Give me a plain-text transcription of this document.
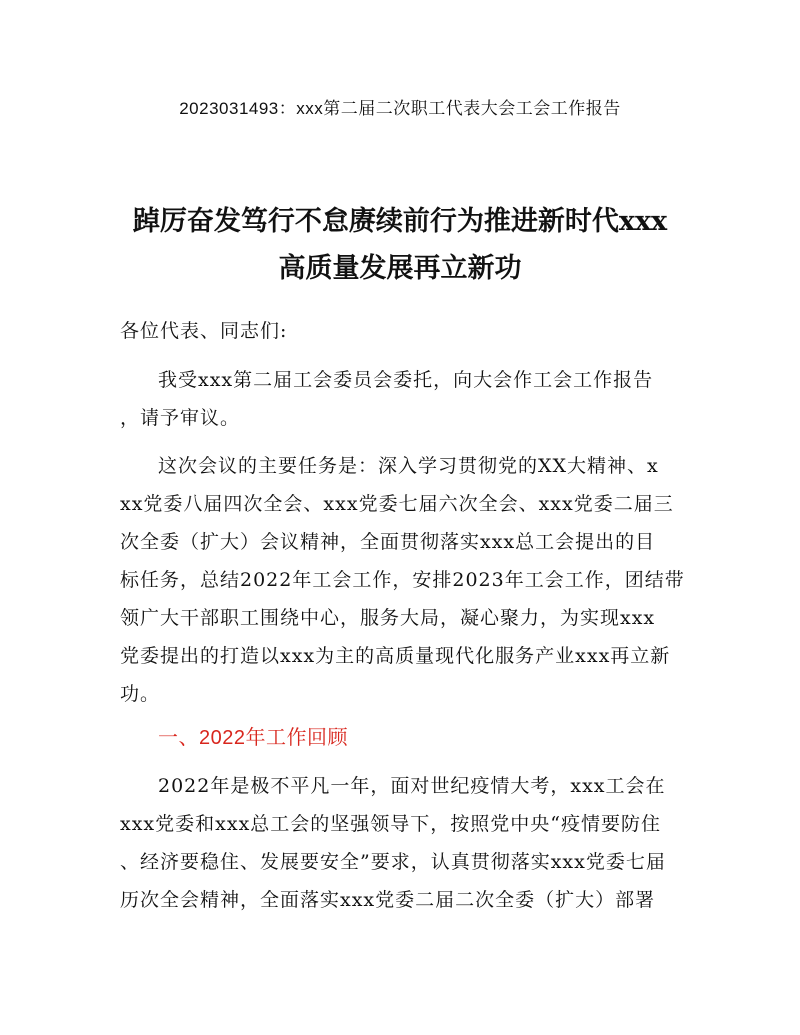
2023031493：xxx第二届二次职工代表大会工会工作报告
踔厉奋发笃行不怠赓续前行为推进新时代xxx
高质量发展再立新功
各位代表、同志们:
我受xxx第二届工会委员会委托，向大会作工会工作报告
，请予审议。
这次会议的主要任务是：深入学习贯彻党的XX大精神、x
xx党委八届四次全会、xxx党委七届六次全会、xxx党委二届三
次全委（扩大）会议精神，全面贯彻落实xxx总工会提出的目
标任务，总结2022年工会工作，安排2023年工会工作，团结带
领广大干部职工围绕中心，服务大局，凝心聚力，为实现xxx
党委提出的打造以xxx为主的高质量现代化服务产业xxx再立新
功。
一、2022年工作回顾
2022年是极不平凡一年，面对世纪疫情大考，xxx工会在
xxx党委和xxx总工会的坚强领导下，按照党中央“疫情要防住
、经济要稳住、发展要安全”要求，认真贯彻落实xxx党委七届
历次全会精神，全面落实xxx党委二届二次全委（扩大）部署
